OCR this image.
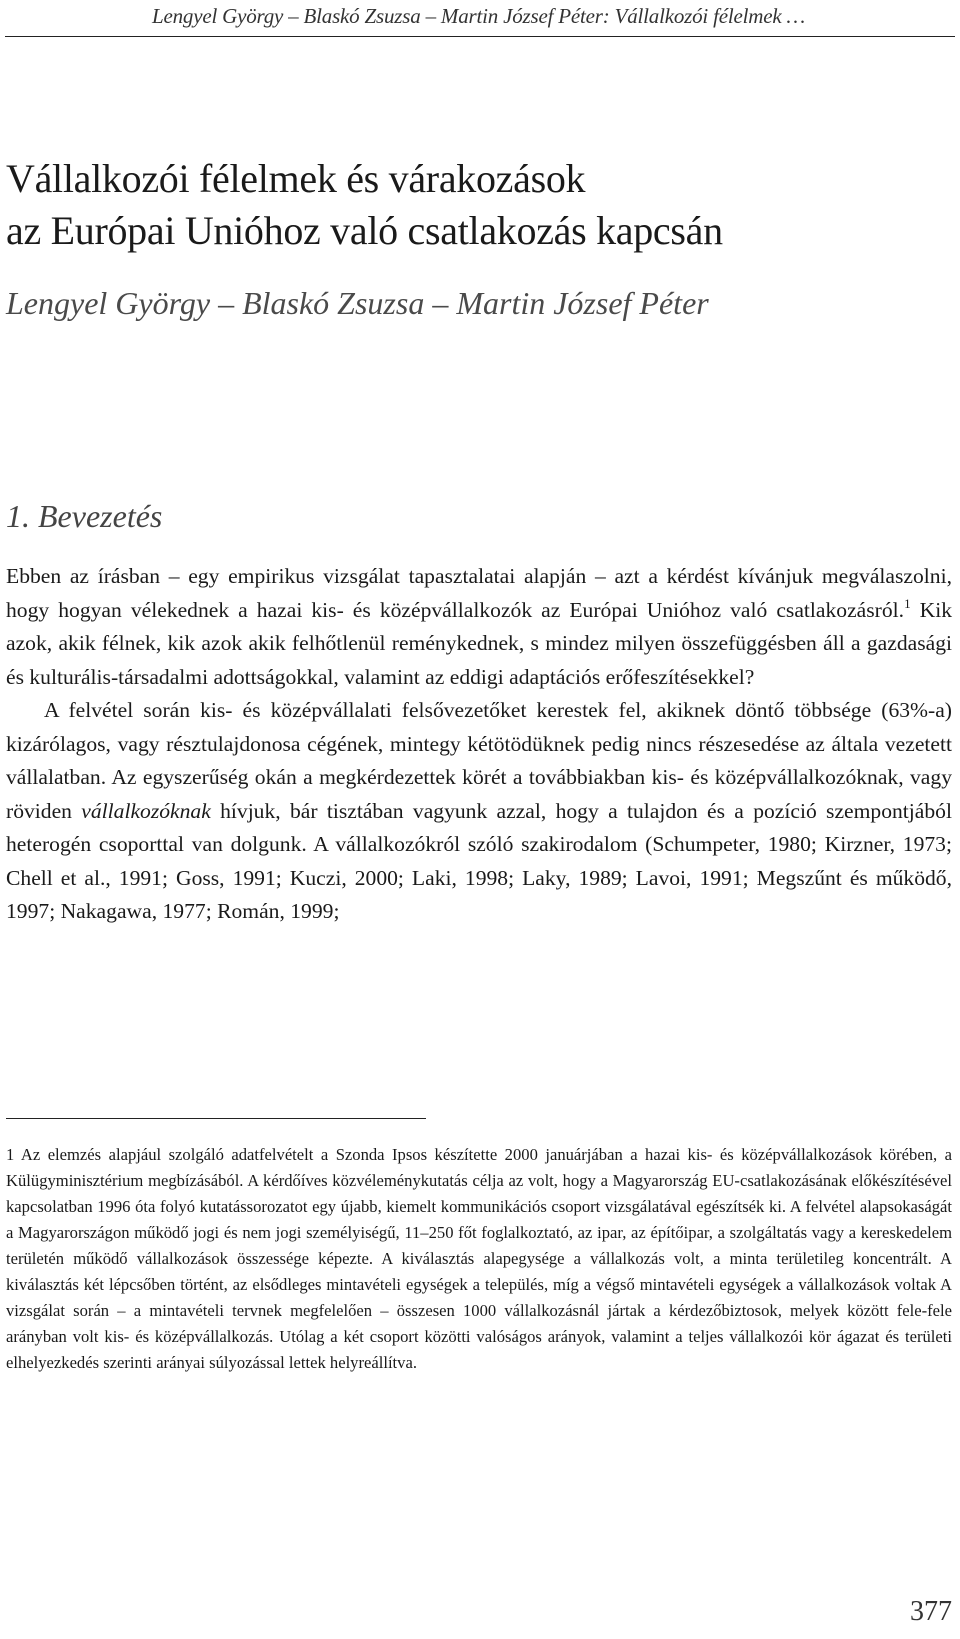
Lengyel György – Blaskó Zsuzsa – Martin József Péter: Vállalkozói félelmek …
Vállalkozói félelmek és várakozások
az Európai Unióhoz való csatlakozás kapcsán
Lengyel György – Blaskó Zsuzsa – Martin József Péter
1. Bevezetés

Ebben az írásban – egy empirikus vizsgálat tapasztalatai alapján – azt a kérdést kívánjuk megválaszolni, hogy hogyan vélekednek a hazai kis- és középvállalkozók az Európai Unióhoz való csatlakozásról.$^1$ Kik azok, akik félnek, kik azok akik felhőtlenül reménykednek, s mindez milyen összefüggésben áll a gazdasági és kulturális-társadalmi adottságokkal, valamint az eddigi adaptációs erőfeszítésekkel?

A felvétel során kis- és középvállalati felsővezetőket kerestek fel, akiknek döntő többsége (63%-a) kizárólagos, vagy résztulajdonosa cégének, mintegy kétötödüknek pedig nincs részesedése az általa vezetett vállalatban. Az egyszerűség okán a megkérdezettek körét a továbbiakban kis- és középvállalkozóknak, vagy röviden vállalkozóknak hívjuk, bár tisztában vagyunk azzal, hogy a tulajdon és a pozíció szempontjából heterogén csoporttal van dolgunk. A vállalkozókról szóló szakirodalom (Schumpeter, 1980; Kirzner, 1973; Chell et al., 1991; Goss, 1991; Kuczi, 2000; Laki, 1998; Laky, 1989; Lavoi, 1991; Megszűnt és működő, 1997; Nakagawa, 1977; Román, 1999;

1 Az elemzés alapjául szolgáló adatfelvételt a Szonda Ipsos készítette 2000 januárjában a hazai kis- és középvállalkozások körében, a Külügyminisztérium megbízásából. A kérdőíves közvéleménykutatás célja az volt, hogy a Magyarország EU-csatlakozásának előkészítésével kapcsolatban 1996 óta folyó kutatássorozatot egy újabb, kiemelt kommunikációs csoport vizsgálatával egészítsék ki. A felvétel alapsokaságát a Magyarországon működő jogi és nem jogi személyiségű, 11–250 főt foglalkoztató, az ipar, az építőipar, a szolgáltatás vagy a kereskedelem területén működő vállalkozások összessége képezte. A kiválasztás alapegysége a vállalkozás volt, a minta területileg koncentrált. A kiválasztás két lépcsőben történt, az elsődleges mintavételi egységek a település, míg a végső mintavételi egységek a vállalkozások voltak A vizsgálat során – a mintavételi tervnek megfelelően – összesen 1000 vállalkozásnál jártak a kérdezőbiztosok, melyek között fele-fele arányban volt kis- és középvállalkozás. Utólag a két csoport közötti valóságos arányok, valamint a teljes vállalkozói kör ágazat és területi elhelyezkedés szerinti arányai súlyozással lettek helyreállítva.

377
